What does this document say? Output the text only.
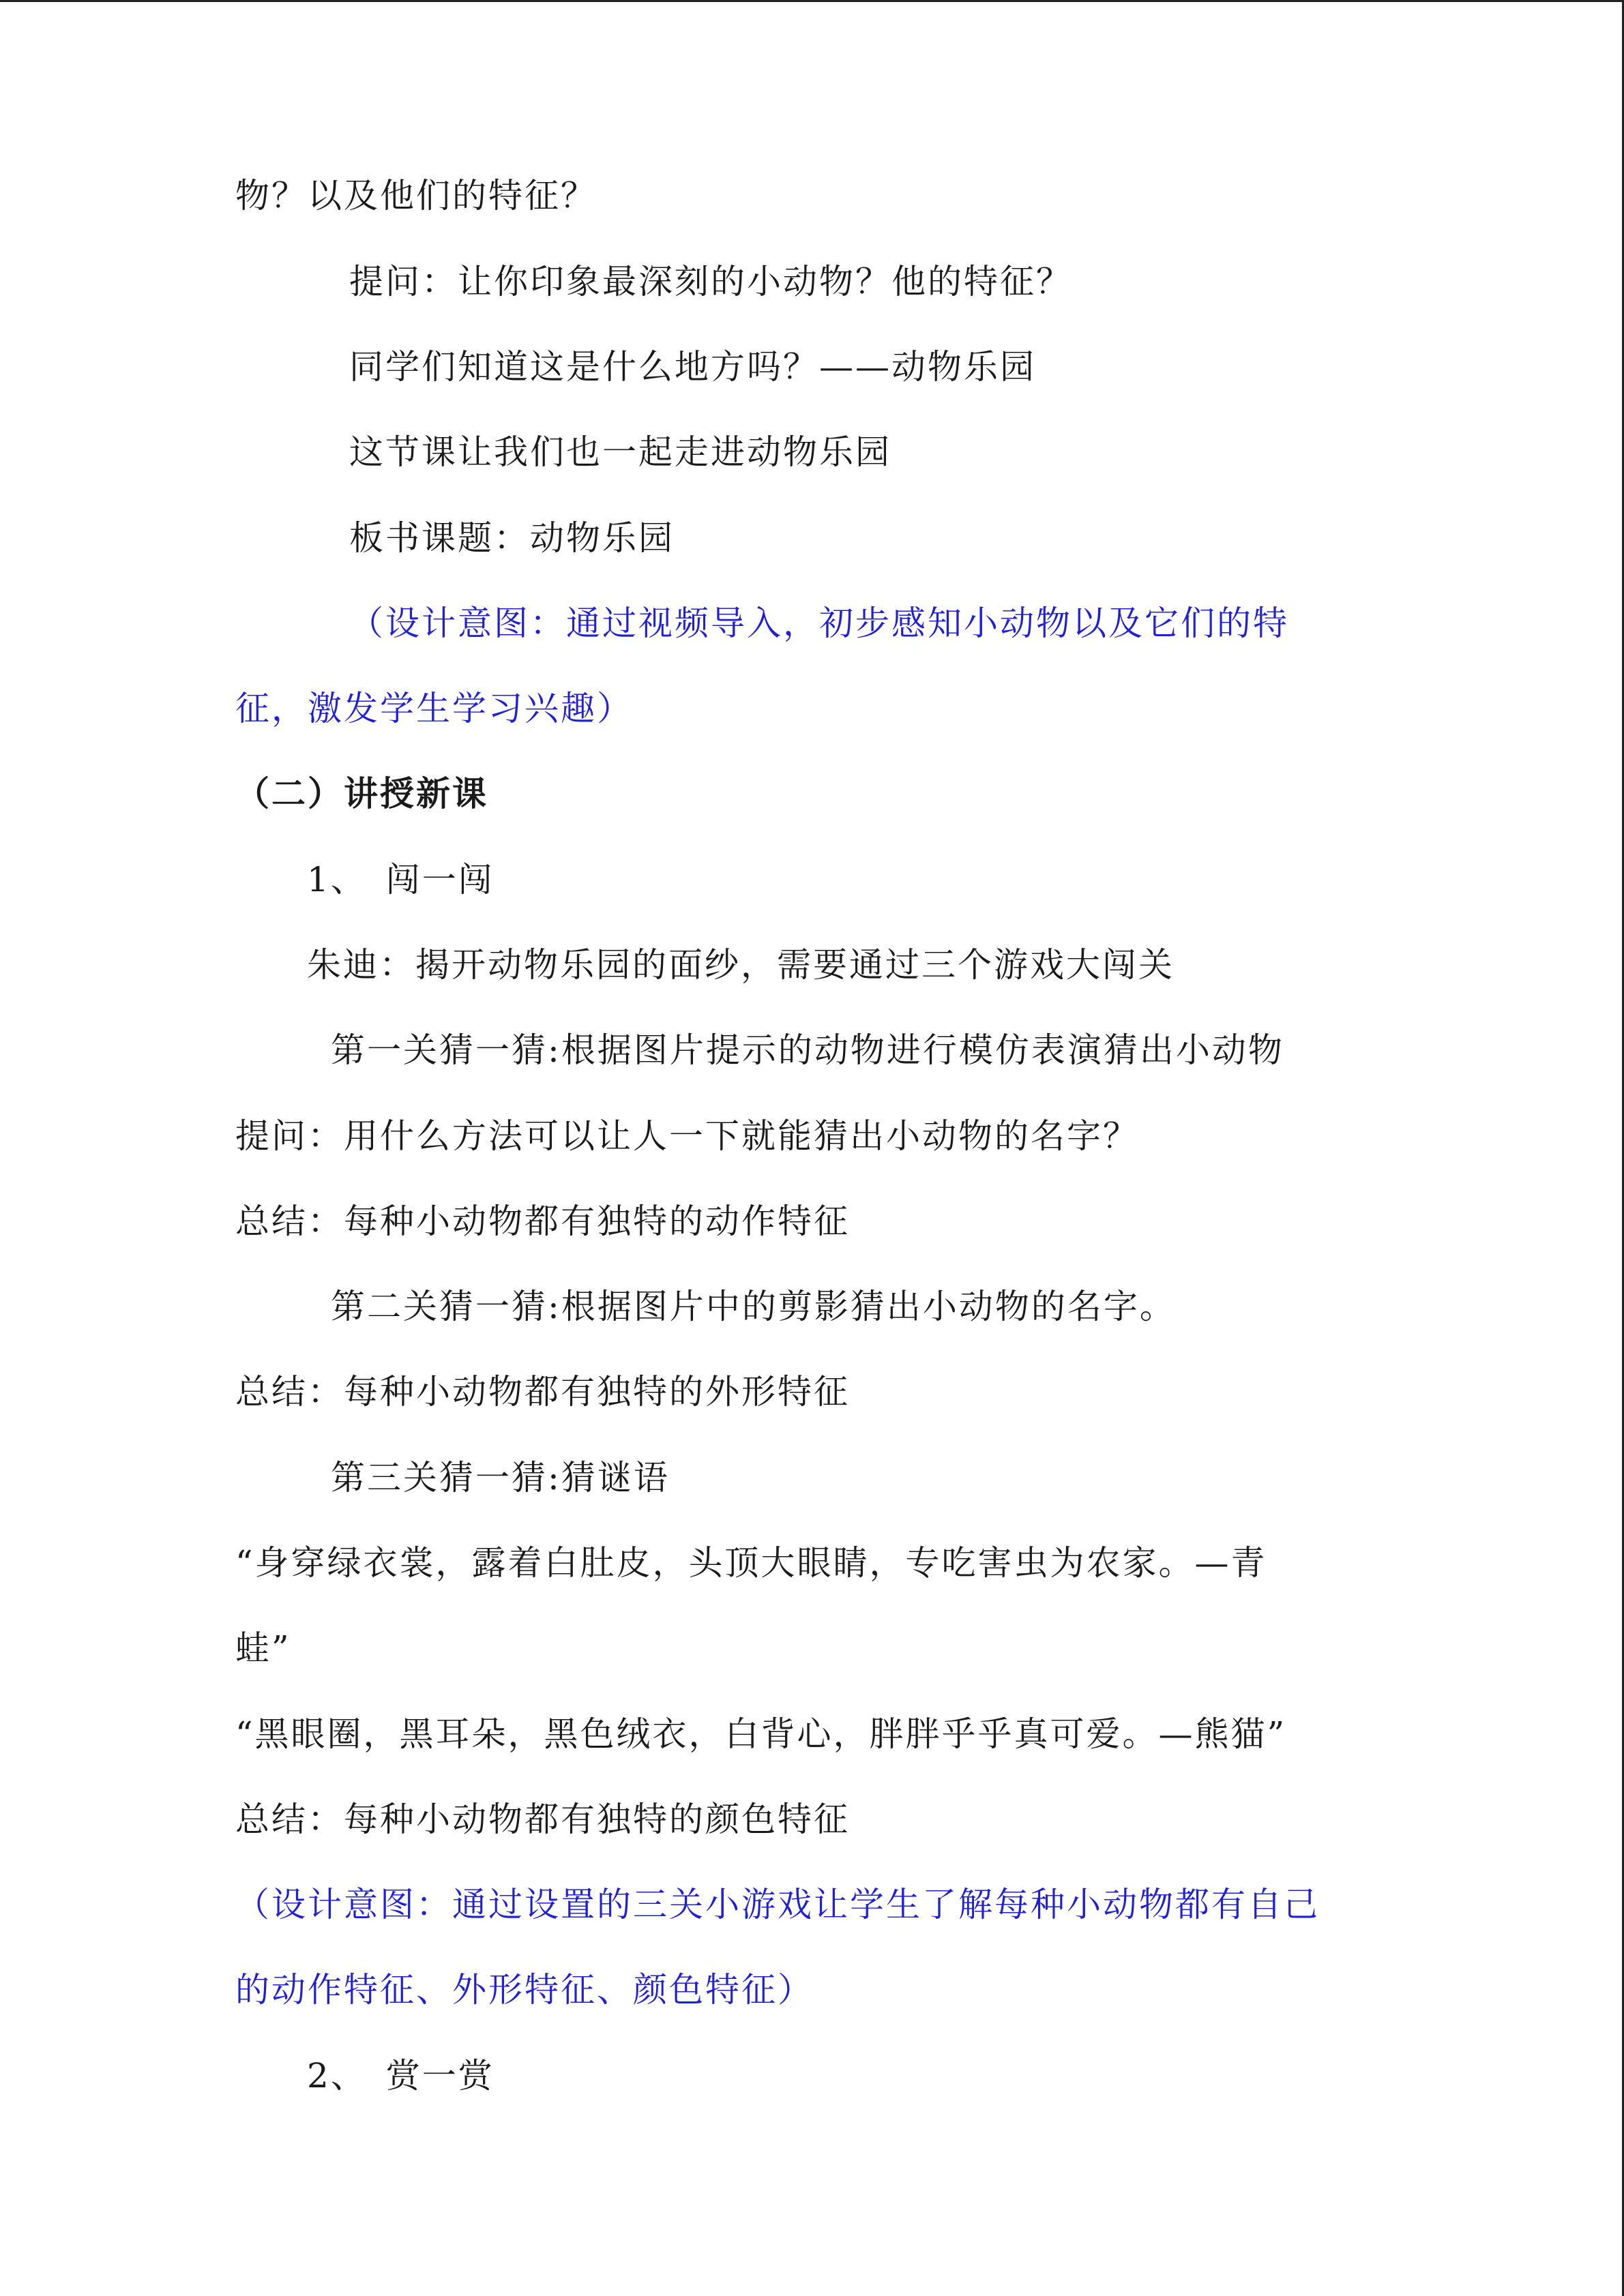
物？以及他们的特征？
提问：让你印象最深刻的小动物？他的特征？
同学们知道这是什么地方吗？——动物乐园
这节课让我们也一起走进动物乐园
板书课题：动物乐园
（设计意图：通过视频导入，初步感知小动物以及它们的特
征，激发学生学习兴趣）
（二）讲授新课
1、　闯一闯
朱迪：揭开动物乐园的面纱，需要通过三个游戏大闯关
第一关猜一猜:根据图片提示的动物进行模仿表演猜出小动物
提问：用什么方法可以让人一下就能猜出小动物的名字？
总结：每种小动物都有独特的动作特征
第二关猜一猜:根据图片中的剪影猜出小动物的名字。
总结：每种小动物都有独特的外形特征
第三关猜一猜:猜谜语
“身穿绿衣裳，露着白肚皮，头顶大眼睛，专吃害虫为农家。—青
蛙”
“黑眼圈，黑耳朵，黑色绒衣，白背心，胖胖乎乎真可爱。—熊猫”
总结：每种小动物都有独特的颜色特征
（设计意图：通过设置的三关小游戏让学生了解每种小动物都有自己
的动作特征、外形特征、颜色特征）
2、　赏一赏
